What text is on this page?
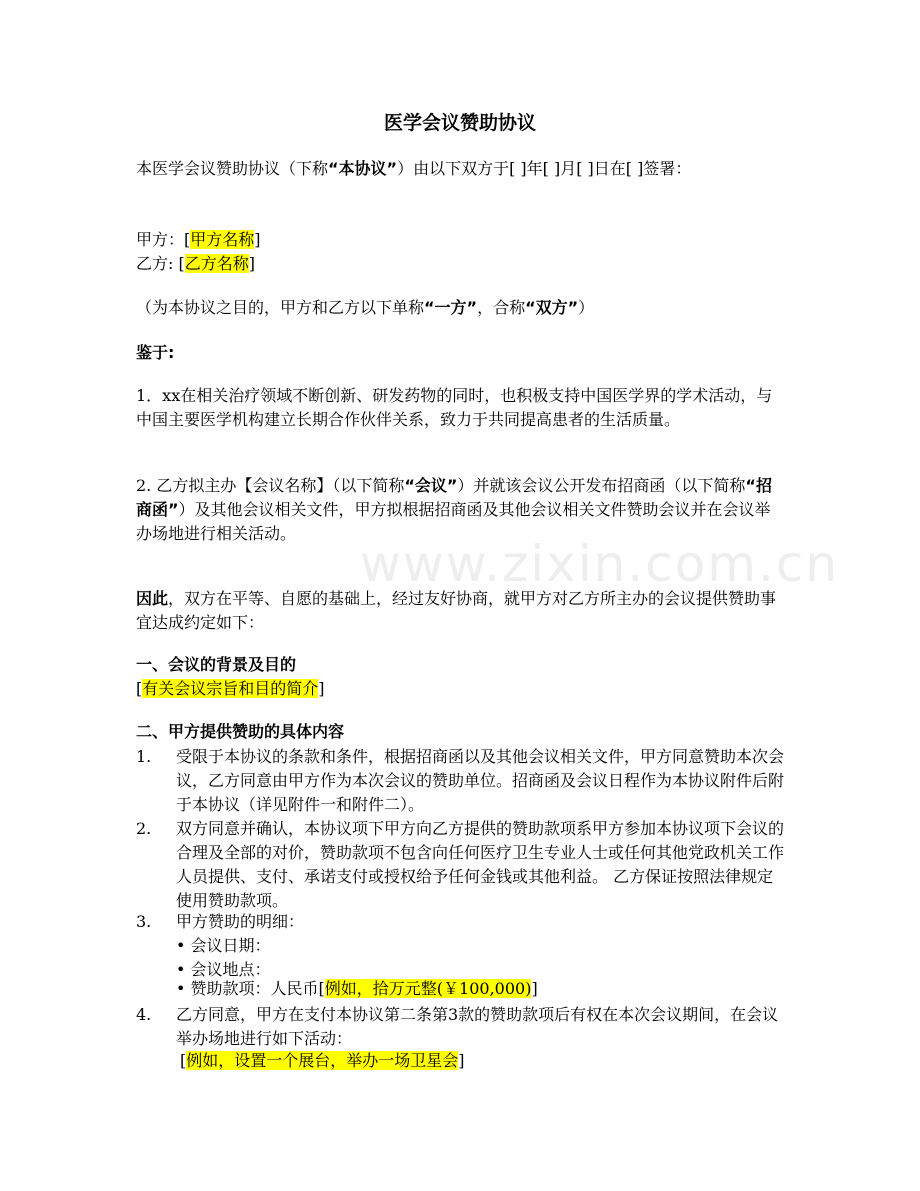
www.zixin.com.cn
医学会议赞助协议

本医学会议赞助协议（下称“本协议”）由以下双方于[ ]年[ ]月[ ]日在[ ]签署：

甲方：[甲方名称]

乙方: [乙方名称]

（为本协议之目的，甲方和乙方以下单称“一方”，合称“双方”）

鉴于:

1．xx在相关治疗领域不断创新、研发药物的同时，也积极支持中国医学界的学术活动，与中国主要医学机构建立长期合作伙伴关系，致力于共同提高患者的生活质量。

2. 乙方拟主办【会议名称】（以下简称“会议”）并就该会议公开发布招商函（以下简称“招商函”）及其他会议相关文件，甲方拟根据招商函及其他会议相关文件赞助会议并在会议举办场地进行相关活动。

因此，双方在平等、自愿的基础上，经过友好协商，就甲方对乙方所主办的会议提供赞助事宜达成约定如下：

一、会议的背景及目的

[有关会议宗旨和目的简介]

二、甲方提供赞助的具体内容
1. 受限于本协议的条款和条件，根据招商函以及其他会议相关文件，甲方同意赞助本次会议，乙方同意由甲方作为本次会议的赞助单位。招商函及会议日程作为本协议附件后附于本协议（详见附件一和附件二）。

2. 双方同意并确认，本协议项下甲方向乙方提供的赞助款项系甲方参加本协议项下会议的合理及全部的对价，赞助款项不包含向任何医疗卫生专业人士或任何其他党政机关工作人员提供、支付、承诺支付或授权给予任何金钱或其他利益。 乙方保证按照法律规定使用赞助款项。

3. 甲方赞助的明细：

• 会议日期：
• 会议地点：
• 赞助款项：人民币[例如，拾万元整(￥100,000)]
4. 乙方同意，甲方在支付本协议第二条第3款的赞助款项后有权在本次会议期间，在会议举办场地进行如下活动：

[例如，设置一个展台，举办一场卫星会]
